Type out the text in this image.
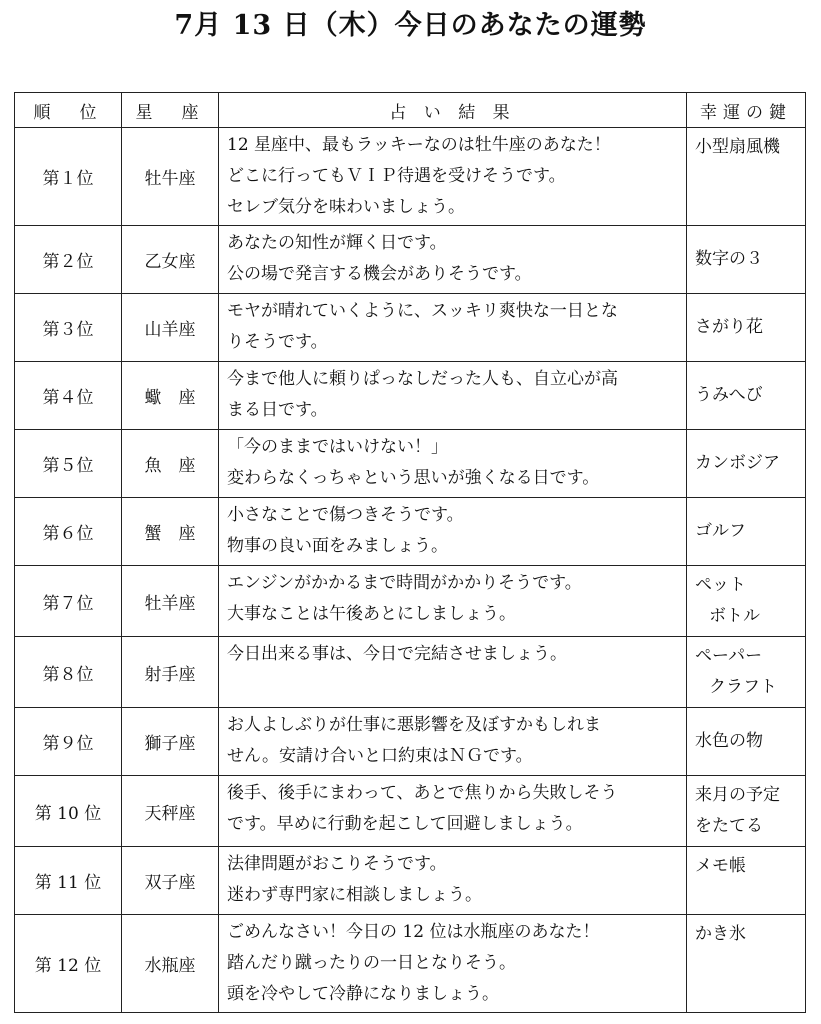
7月 13 日（木）今日のあなたの運勢
順　位	星　座	占 い 結 果	幸運の鍵
第１位	牡牛座	12 星座中、最もラッキーなのは牡牛座のあなた！
どこに行ってもＶＩＰ待遇を受けそうです。
セレブ気分を味わいましょう。	小型扇風機

第２位	乙女座	あなたの知性が輝く日です。
公の場で発言する機会がありそうです。	数字の３

第３位	山羊座	モヤが晴れていくように、スッキリ爽快な一日とな
りそうです。	さがり花

第４位	蠍　座	今まで他人に頼りぱっなしだった人も、自立心が高
まる日です。	うみへび

第５位	魚　座	「今のままではいけない！」
変わらなくっちゃという思いが強くなる日です。	カンボジア

第６位	蟹　座	小さなことで傷つきそうです。
物事の良い面をみましょう。	ゴルフ

第７位	牡羊座	エンジンがかかるまで時間がかかりそうです。
大事なことは午後あとにしましょう。	ペット
ボトル

第８位	射手座	今日出来る事は、今日で完結させましょう。	ペーパー
クラフト

第９位	獅子座	お人よしぶりが仕事に悪影響を及ぼすかもしれま
せん。安請け合いと口約束はＮＧです。	水色の物

第 10 位	天秤座	後手、後手にまわって、あとで焦りから失敗しそう
です。早めに行動を起こして回避しましょう。	来月の予定
をたてる

第 11 位	双子座	法律問題がおこりそうです。
迷わず専門家に相談しましょう。	メモ帳

第 12 位	水瓶座	ごめんなさい！今日の 12 位は水瓶座のあなた！
踏んだり蹴ったりの一日となりそう。
頭を冷やして冷静になりましょう。	かき氷
